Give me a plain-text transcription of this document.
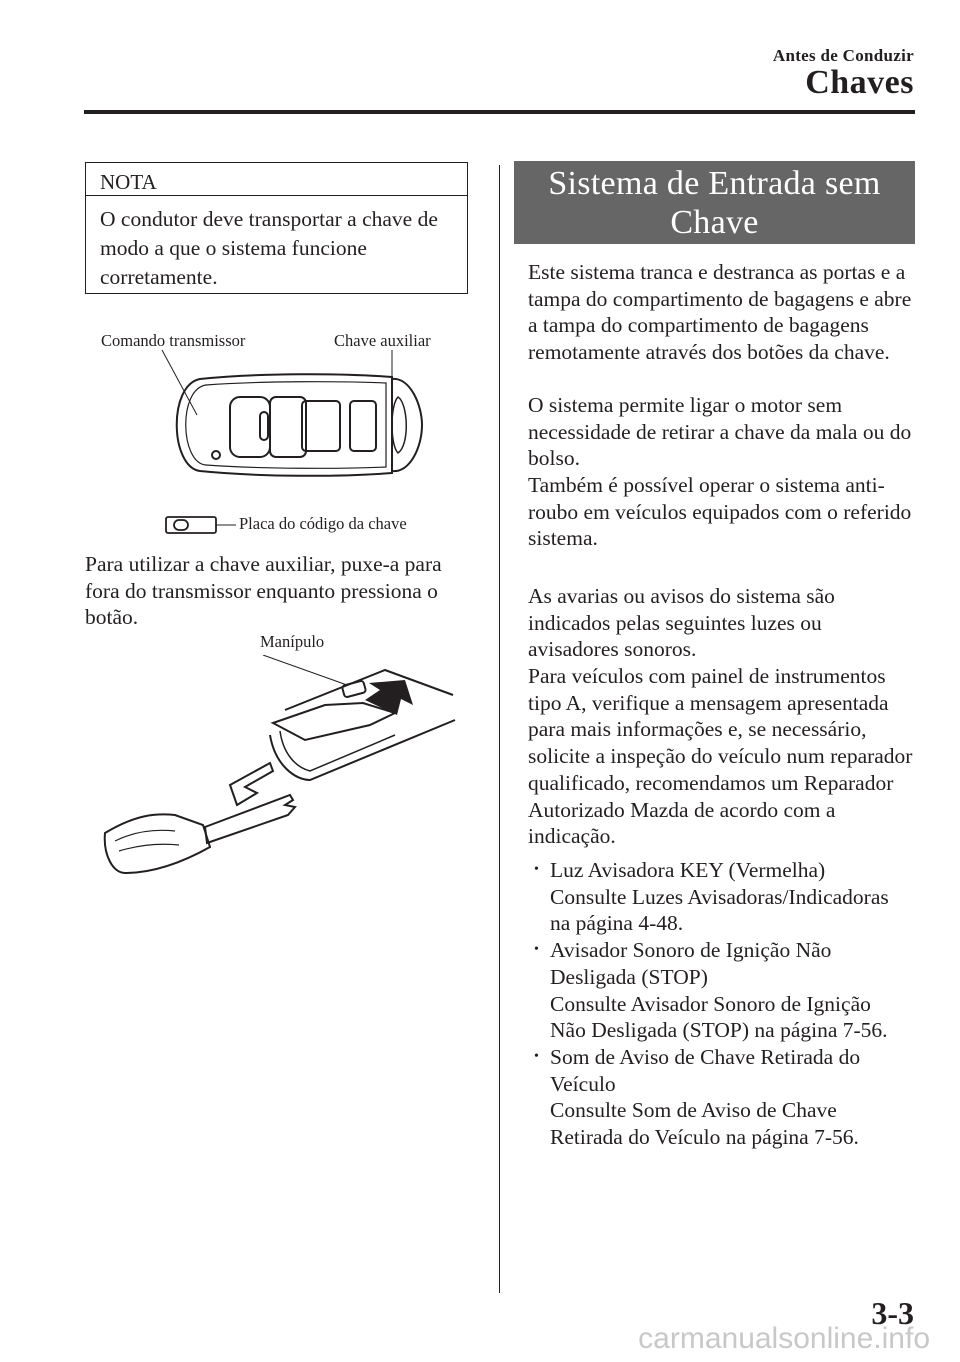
Antes de Conduzir
Chaves
NOTA
O condutor deve transportar a chave de modo a que o sistema funcione corretamente.
Comando transmissor	Chave auxiliar
Placa do código da chave
Para utilizar a chave auxiliar, puxe-a para fora do transmissor enquanto pressiona o botão.
Manípulo
Sistema de Entrada sem
Chave
Este sistema tranca e destranca as portas e a tampa do compartimento de bagagens e abre a tampa do compartimento de bagagens remotamente através dos botões da chave.
O sistema permite ligar o motor sem necessidade de retirar a chave da mala ou do bolso.
Também é possível operar o sistema anti-roubo em veículos equipados com o referido sistema.
As avarias ou avisos do sistema são indicados pelas seguintes luzes ou avisadores sonoros.
Para veículos com painel de instrumentos tipo A, verifique a mensagem apresentada para mais informações e, se necessário, solicite a inspeção do veículo num reparador qualificado, recomendamos um Reparador Autorizado Mazda de acordo com a indicação.

• Luz Avisadora KEY (Vermelha)

Consulte Luzes Avisadoras/Indicadoras na página 4-48.

• Avisador Sonoro de Ignição Não Desligada (STOP)

Consulte Avisador Sonoro de Ignição Não Desligada (STOP) na página 7-56.

• Som de Aviso de Chave Retirada do Veículo

Consulte Som de Aviso de Chave Retirada do Veículo na página 7-56.

3-3
carmanualsonline.info
